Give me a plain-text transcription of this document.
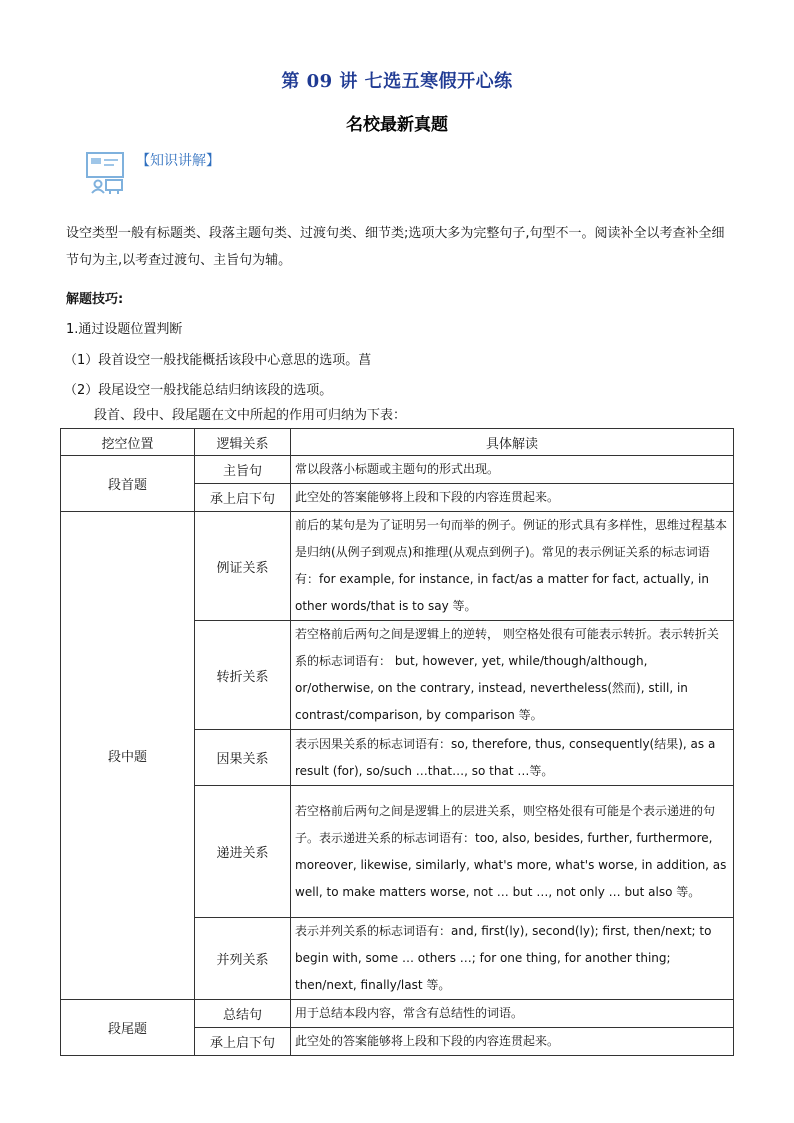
第 09 讲 七选五寒假开心练
名校最新真题
【知识讲解】
设空类型一般有标题类、段落主题句类、过渡句类、细节类;选项大多为完整句子,句型不一。阅读补全以考查补全细节句为主,以考查过渡句、主旨句为辅。
解题技巧:
1.通过设题位置判断
（1）段首设空一般找能概括该段中心意思的选项。菖
（2）段尾设空一般找能总结归纳该段的选项。
段首、段中、段尾题在文中所起的作用可归纳为下表：
挖空位置	逻辑关系	具体解读
段首题	主旨句	常以段落小标题或主题句的形式出现。
	承上启下句	此空处的答案能够将上段和下段的内容连贯起来。
段中题	例证关系	前后的某句是为了证明另一句而举的例子。例证的形式具有多样性，思维过程基本是归纳(从例子到观点)和推理(从观点到例子)。常见的表示例证关系的标志词语有：for example, for instance, in fact/as a matter for fact, actually, in other words/that is to say 等。
	转折关系	若空格前后两句之间是逻辑上的逆转， 则空格处很有可能表示转折。表示转折关系的标志词语有： but, however, yet, while/though/although, or/otherwise, on the contrary, instead, nevertheless(然而), still, in contrast/comparison, by comparison 等。
	因果关系	表示因果关系的标志词语有：so, therefore, thus, consequently(结果), as a result (for), so/such …that…, so that …等。
	递进关系	若空格前后两句之间是逻辑上的层进关系，则空格处很有可能是个表示递进的句子。表示递进关系的标志词语有：too, also, besides, further, furthermore, moreover, likewise, similarly, what's more, what's worse, in addition, as well, to make matters worse, not … but …, not only … but also 等。
	并列关系	表示并列关系的标志词语有：and, first(ly), second(ly); first, then/next; to begin with, some … others …; for one thing, for another thing; then/next, finally/last 等。
段尾题	总结句	用于总结本段内容，常含有总结性的词语。
	承上启下句	此空处的答案能够将上段和下段的内容连贯起来。
